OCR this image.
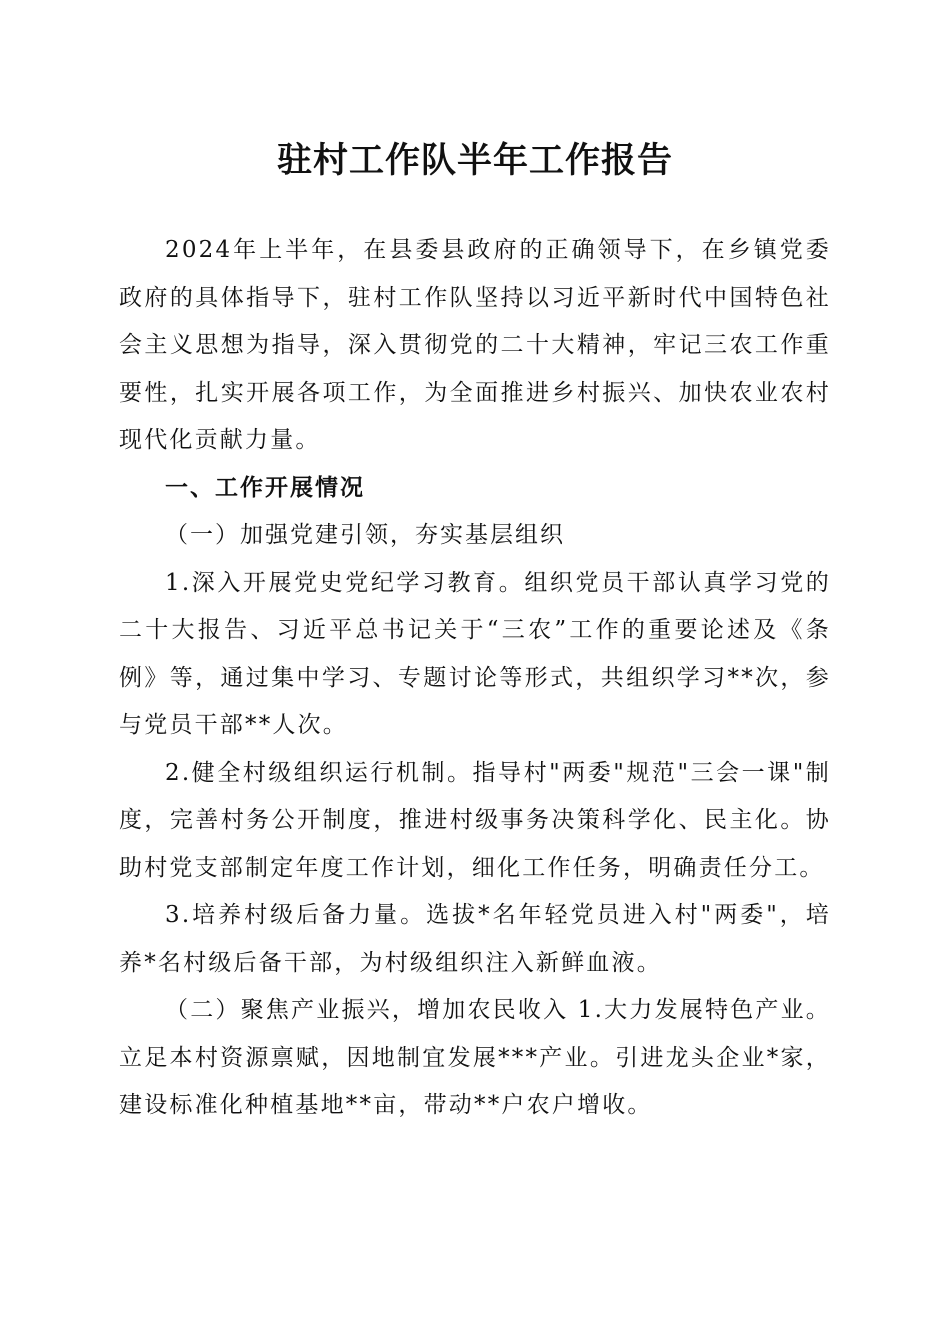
驻村工作队半年工作报告

2024年上半年，在县委县政府的正确领导下，在乡镇党委政府的具体指导下，驻村工作队坚持以习近平新时代中国特色社会主义思想为指导，深入贯彻党的二十大精神，牢记三农工作重要性，扎实开展各项工作，为全面推进乡村振兴、加快农业农村现代化贡献力量。

一、工作开展情况

（一）加强党建引领，夯实基层组织

1.深入开展党史党纪学习教育。组织党员干部认真学习党的二十大报告、习近平总书记关于“三农”工作的重要论述及《条例》等，通过集中学习、专题讨论等形式，共组织学习**次，参与党员干部**人次。

2.健全村级组织运行机制。指导村"两委"规范"三会一课"制度，完善村务公开制度，推进村级事务决策科学化、民主化。协助村党支部制定年度工作计划，细化工作任务，明确责任分工。

3.培养村级后备力量。选拔*名年轻党员进入村"两委"，培养*名村级后备干部，为村级组织注入新鲜血液。

（二）聚焦产业振兴，增加农民收入 1.大力发展特色产业。立足本村资源禀赋，因地制宜发展***产业。引进龙头企业*家，建设标准化种植基地**亩，带动**户农户增收。
